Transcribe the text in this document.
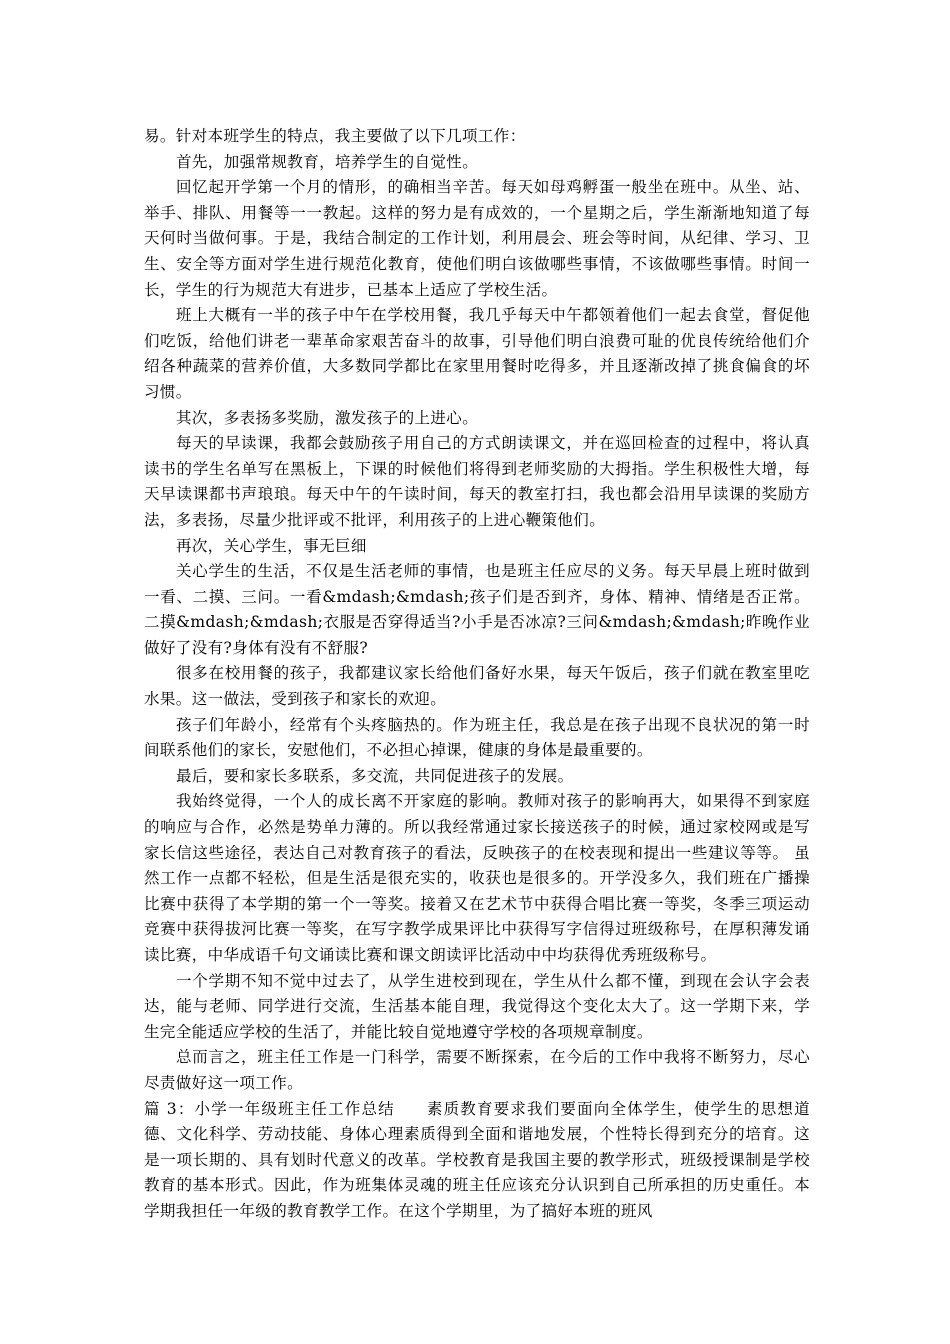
易。针对本班学生的特点，我主要做了以下几项工作：

首先，加强常规教育，培养学生的自觉性。

回忆起开学第一个月的情形，的确相当辛苦。每天如母鸡孵蛋一般坐在班中。从坐、站、举手、排队、用餐等一一教起。这样的努力是有成效的，一个星期之后，学生渐渐地知道了每天何时当做何事。于是，我结合制定的工作计划，利用晨会、班会等时间，从纪律、学习、卫生、安全等方面对学生进行规范化教育，使他们明白该做哪些事情，不该做哪些事情。时间一长，学生的行为规范大有进步，已基本上适应了学校生活。

班上大概有一半的孩子中午在学校用餐，我几乎每天中午都领着他们一起去食堂，督促他们吃饭，给他们讲老一辈革命家艰苦奋斗的故事，引导他们明白浪费可耻的优良传统给他们介绍各种蔬菜的营养价值，大多数同学都比在家里用餐时吃得多，并且逐渐改掉了挑食偏食的坏习惯。

其次，多表扬多奖励，激发孩子的上进心。

每天的早读课，我都会鼓励孩子用自己的方式朗读课文，并在巡回检查的过程中，将认真读书的学生名单写在黑板上，下课的时候他们将得到老师奖励的大拇指。学生积极性大增，每天早读课都书声琅琅。每天中午的午读时间，每天的教室打扫，我也都会沿用早读课的奖励方法，多表扬，尽量少批评或不批评，利用孩子的上进心鞭策他们。

再次，关心学生，事无巨细

关心学生的生活，不仅是生活老师的事情，也是班主任应尽的义务。每天早晨上班时做到一看、二摸、三问。一看&mdash;&mdash;孩子们是否到齐，身体、精神、情绪是否正常。二摸&mdash;&mdash;衣服是否穿得适当?小手是否冰凉?三问&mdash;&mdash;昨晚作业做好了没有?身体有没有不舒服?

很多在校用餐的孩子，我都建议家长给他们备好水果，每天午饭后，孩子们就在教室里吃水果。这一做法，受到孩子和家长的欢迎。

孩子们年龄小，经常有个头疼脑热的。作为班主任，我总是在孩子出现不良状况的第一时间联系他们的家长，安慰他们，不必担心掉课，健康的身体是最重要的。

最后，要和家长多联系，多交流，共同促进孩子的发展。

我始终觉得，一个人的成长离不开家庭的影响。教师对孩子的影响再大，如果得不到家庭的响应与合作，必然是势单力薄的。所以我经常通过家长接送孩子的时候，通过家校网或是写家长信这些途径，表达自己对教育孩子的看法，反映孩子的在校表现和提出一些建议等等。 虽然工作一点都不轻松，但是生活是很充实的，收获也是很多的。开学没多久，我们班在广播操比赛中获得了本学期的第一个一等奖。接着又在艺术节中获得合唱比赛一等奖，冬季三项运动竞赛中获得拔河比赛一等奖，在写字教学成果评比中获得写字信得过班级称号，在厚积薄发诵读比赛，中华成语千句文诵读比赛和课文朗读评比活动中中均获得优秀班级称号。

一个学期不知不觉中过去了，从学生进校到现在，学生从什么都不懂，到现在会认字会表达，能与老师、同学进行交流，生活基本能自理，我觉得这个变化太大了。这一学期下来，学生完全能适应学校的生活了，并能比较自觉地遵守学校的各项规章制度。

总而言之，班主任工作是一门科学，需要不断探索，在今后的工作中我将不断努力，尽心尽责做好这一项工作。

篇 3：小学一年级班主任工作总结 素质教育要求我们要面向全体学生，使学生的思想道德、文化科学、劳动技能、身体心理素质得到全面和谐地发展，个性特长得到充分的培育。这是一项长期的、具有划时代意义的改革。学校教育是我国主要的教学形式，班级授课制是学校教育的基本形式。因此，作为班集体灵魂的班主任应该充分认识到自己所承担的历史重任。本学期我担任一年级的教育教学工作。在这个学期里，为了搞好本班的班风
